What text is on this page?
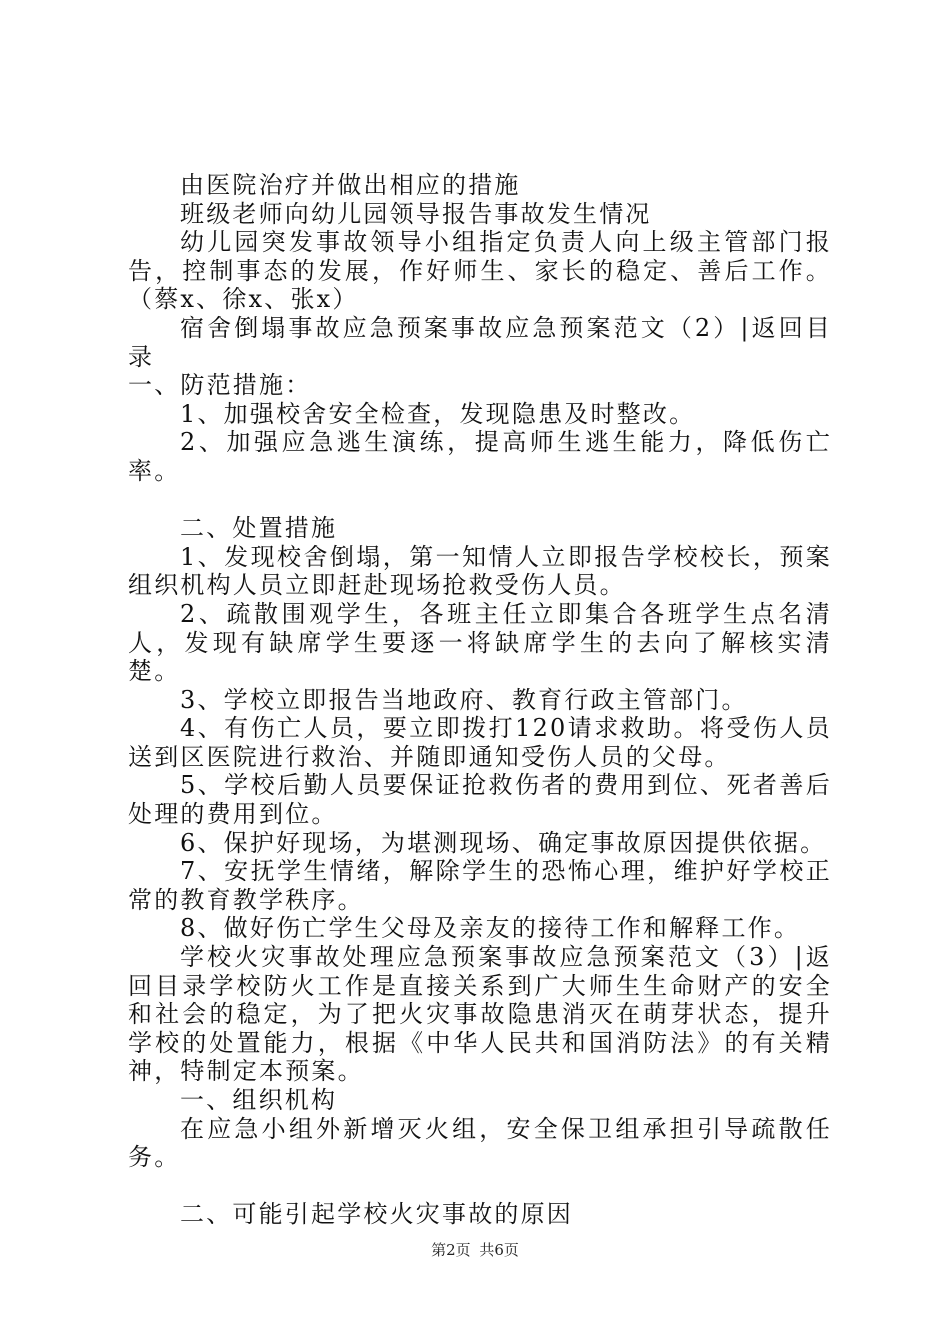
由医院治疗并做出相应的措施

班级老师向幼儿园领导报告事故发生情况

幼儿园突发事故领导小组指定负责人向上级主管部门报告，控制事态的发展，作好师生、家长的稳定、善后工作。（蔡x、徐x、张x）

宿舍倒塌事故应急预案事故应急预案范文（2）|返回目录

一、防范措施：

1、加强校舍安全检查，发现隐患及时整改。

2、加强应急逃生演练，提高师生逃生能力，降低伤亡率。

二、处置措施

1、发现校舍倒塌，第一知情人立即报告学校校长，预案组织机构人员立即赶赴现场抢救受伤人员。

2、疏散围观学生，各班主任立即集合各班学生点名清人，发现有缺席学生要逐一将缺席学生的去向了解核实清楚。

3、学校立即报告当地政府、教育行政主管部门。

4、有伤亡人员，要立即拨打120请求救助。将受伤人员送到区医院进行救治、并随即通知受伤人员的父母。

5、学校后勤人员要保证抢救伤者的费用到位、死者善后处理的费用到位。

6、保护好现场，为堪测现场、确定事故原因提供依据。

7、安抚学生情绪，解除学生的恐怖心理，维护好学校正常的教育教学秩序。

8、做好伤亡学生父母及亲友的接待工作和解释工作。

学校火灾事故处理应急预案事故应急预案范文（3）|返回目录学校防火工作是直接关系到广大师生生命财产的安全和社会的稳定，为了把火灾事故隐患消灭在萌芽状态，提升学校的处置能力，根据《中华人民共和国消防法》的有关精神，特制定本预案。

一、组织机构

在应急小组外新增灭火组，安全保卫组承担引导疏散任务。

二、可能引起学校火灾事故的原因

第2页 共6页
